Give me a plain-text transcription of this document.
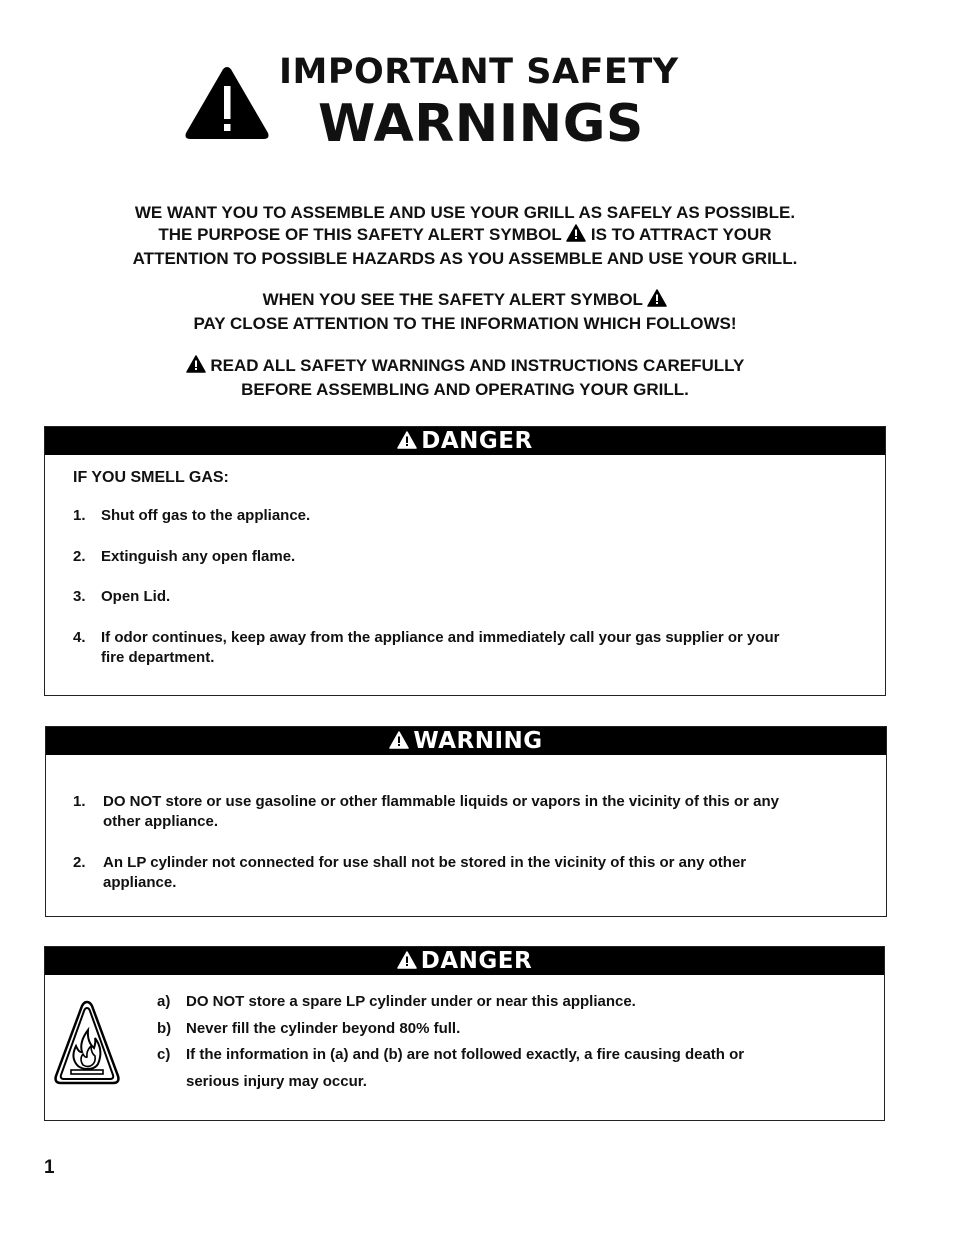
IMPORTANT SAFETY
WARNINGS
WE WANT YOU TO ASSEMBLE AND USE YOUR GRILL AS SAFELY AS POSSIBLE.
THE PURPOSE OF THIS SAFETY ALERT SYMBOL IS TO ATTRACT YOUR
ATTENTION TO POSSIBLE HAZARDS AS YOU ASSEMBLE AND USE YOUR GRILL.
WHEN YOU SEE THE SAFETY ALERT SYMBOL
PAY CLOSE ATTENTION TO THE INFORMATION WHICH FOLLOWS!
READ ALL SAFETY WARNINGS AND INSTRUCTIONS CAREFULLY
BEFORE ASSEMBLING AND OPERATING YOUR GRILL.
DANGER
IF YOU SMELL GAS:
1. Shut off gas to the appliance.
2. Extinguish any open flame.
3. Open Lid.
4. If odor continues, keep away from the appliance and immediately call your gas supplier or your
fire department.
WARNING
1. DO NOT store or use gasoline or other flammable liquids or vapors in the vicinity of this or any
other appliance.
2. An LP cylinder not connected for use shall not be stored in the vicinity of this or any other
appliance.
DANGER
a) DO NOT store a spare LP cylinder under or near this appliance.
b) Never fill the cylinder beyond 80% full.
c) If the information in (a) and (b) are not followed exactly, a fire causing death or
serious injury may occur.
1
